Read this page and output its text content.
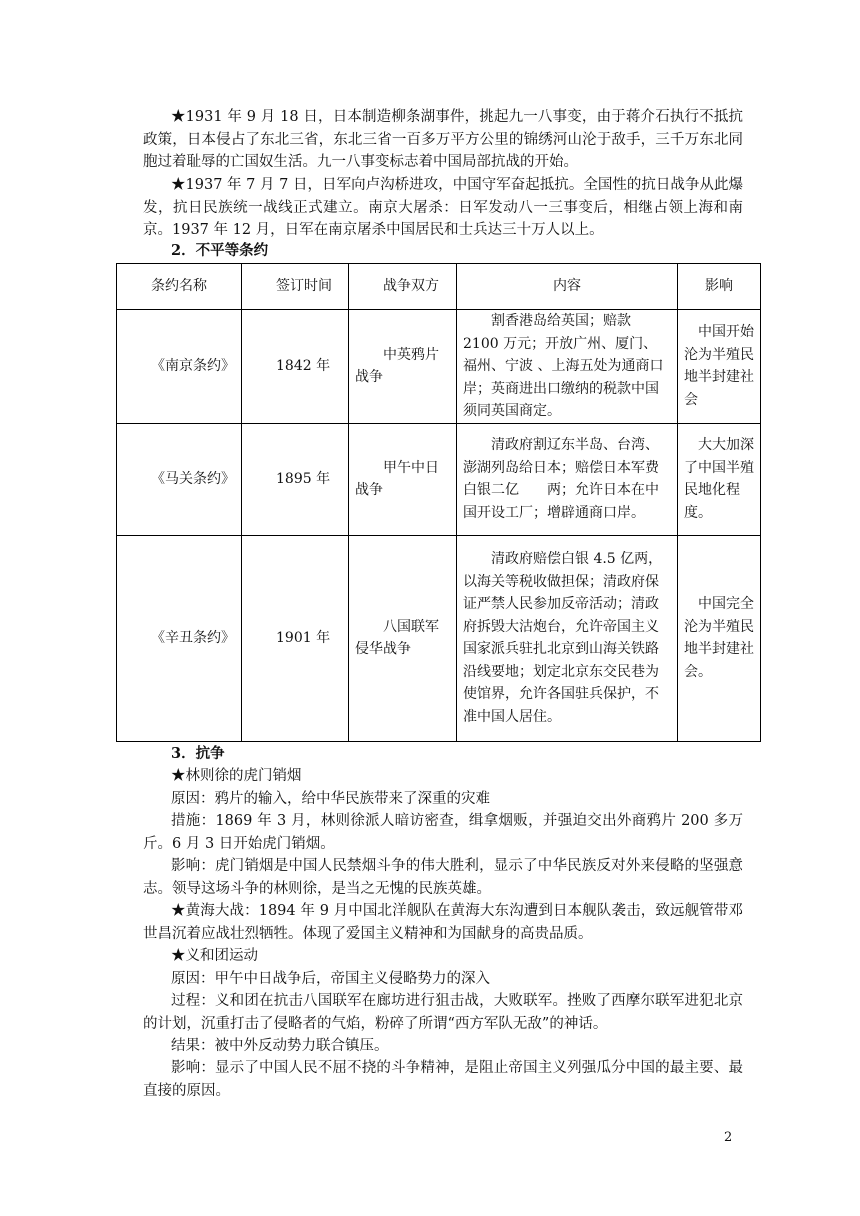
★1931 年 9 月 18 日，日本制造柳条湖事件，挑起九一八事变，由于蒋介石执行不抵抗政策，日本侵占了东北三省，东北三省一百多万平方公里的锦绣河山沦于敌手，三千万东北同胞过着耻辱的亡国奴生活。九一八事变标志着中国局部抗战的开始。

★1937 年 7 月 7 日，日军向卢沟桥进攻，中国守军奋起抵抗。全国性的抗日战争从此爆发，抗日民族统一战线正式建立。南京大屠杀：日军发动八一三事变后，相继占领上海和南京。1937 年 12 月，日军在南京屠杀中国居民和士兵达三十万人以上。

2．不平等条约

条约名称	签订时间	战争双方	内容	影响
《南京条约》	1842 年	中英鸦片战争	割香港岛给英国；赔款 2100 万元；开放广州、厦门、福州、宁波 、上海五处为通商口岸；英商进出口缴纳的税款中国须同英国商定。	中国开始沦为半殖民地半封建社会
《马关条约》	1895 年	甲午中日战争	清政府割辽东半岛、台湾、澎湖列岛给日本；赔偿日本军费白银二亿　　两；允许日本在中国开设工厂；增辟通商口岸。	大大加深了中国半殖民地化程度。
《辛丑条约》	1901 年	八国联军侵华战争	清政府赔偿白银 4.5 亿两，以海关等税收做担保；清政府保证严禁人民参加反帝活动；清政府拆毁大沽炮台，允许帝国主义国家派兵驻扎北京到山海关铁路沿线要地；划定北京东交民巷为使馆界，允许各国驻兵保护，不准中国人居住。	中国完全沦为半殖民地半封建社会。

3．抗争

★林则徐的虎门销烟

原因：鸦片的输入，给中华民族带来了深重的灾难

措施：1869 年 3 月，林则徐派人暗访密查，缉拿烟贩，并强迫交出外商鸦片 200 多万斤。6 月 3 日开始虎门销烟。

影响：虎门销烟是中国人民禁烟斗争的伟大胜利，显示了中华民族反对外来侵略的坚强意志。领导这场斗争的林则徐，是当之无愧的民族英雄。

★黄海大战：1894 年 9 月中国北洋舰队在黄海大东沟遭到日本舰队袭击，致远舰管带邓世昌沉着应战壮烈牺牲。体现了爱国主义精神和为国献身的高贵品质。

★义和团运动

原因：甲午中日战争后，帝国主义侵略势力的深入

过程：义和团在抗击八国联军在廊坊进行狙击战，大败联军。挫败了西摩尔联军进犯北京的计划，沉重打击了侵略者的气焰，粉碎了所谓“西方军队无敌”的神话。

结果：被中外反动势力联合镇压。

影响：显示了中国人民不屈不挠的斗争精神，是阻止帝国主义列强瓜分中国的最主要、最直接的原因。

2
